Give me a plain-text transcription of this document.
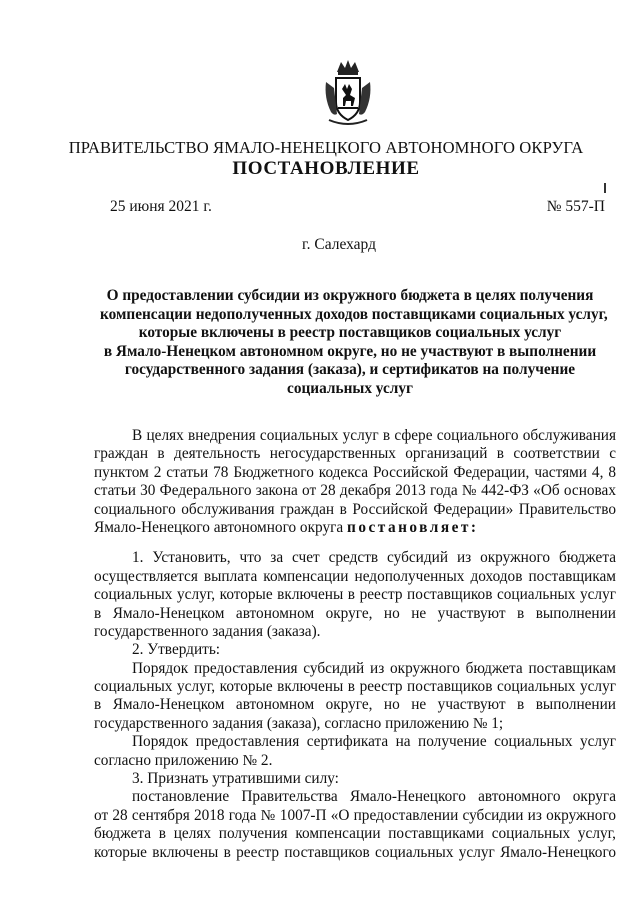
ПРАВИТЕЛЬСТВО ЯМАЛО-НЕНЕЦКОГО АВТОНОМНОГО ОКРУГА
ПОСТАНОВЛЕНИЕ
25 июня 2021 г.	№ 557-П
г. Салехард
О предоставлении субсидии из окружного бюджета в целях получения
компенсации недополученных доходов поставщиками социальных услуг,
которые включены в реестр поставщиков социальных услуг
в Ямало-Ненецком автономном округе, но не участвуют в выполнении
государственного задания (заказа), и сертификатов на получение
социальных услуг
В целях внедрения социальных услуг в сфере социального обслуживания
граждан в деятельность негосударственных организаций в соответствии с
пунктом 2 статьи 78 Бюджетного кодекса Российской Федерации, частями 4, 8
статьи 30 Федерального закона от 28 декабря 2013 года № 442-ФЗ «Об основах
социального обслуживания граждан в Российской Федерации» Правительство
Ямало-Ненецкого автономного округа постановляет:
1. Установить, что за счет средств субсидий из окружного бюджета
осуществляется выплата компенсации недополученных доходов поставщикам
социальных услуг, которые включены в реестр поставщиков социальных услуг
в Ямало-Ненецком автономном округе, но не участвуют в выполнении
государственного задания (заказа).
2. Утвердить:
Порядок предоставления субсидий из окружного бюджета поставщикам
социальных услуг, которые включены в реестр поставщиков социальных услуг
в Ямало-Ненецком автономном округе, но не участвуют в выполнении
государственного задания (заказа), согласно приложению № 1;
Порядок предоставления сертификата на получение социальных услуг
согласно приложению № 2.
3. Признать утратившими силу:
постановление Правительства Ямало-Ненецкого автономного округа
от 28 сентября 2018 года № 1007-П «О предоставлении субсидии из окружного
бюджета в целях получения компенсации поставщиками социальных услуг,
которые включены в реестр поставщиков социальных услуг Ямало-Ненецкого
